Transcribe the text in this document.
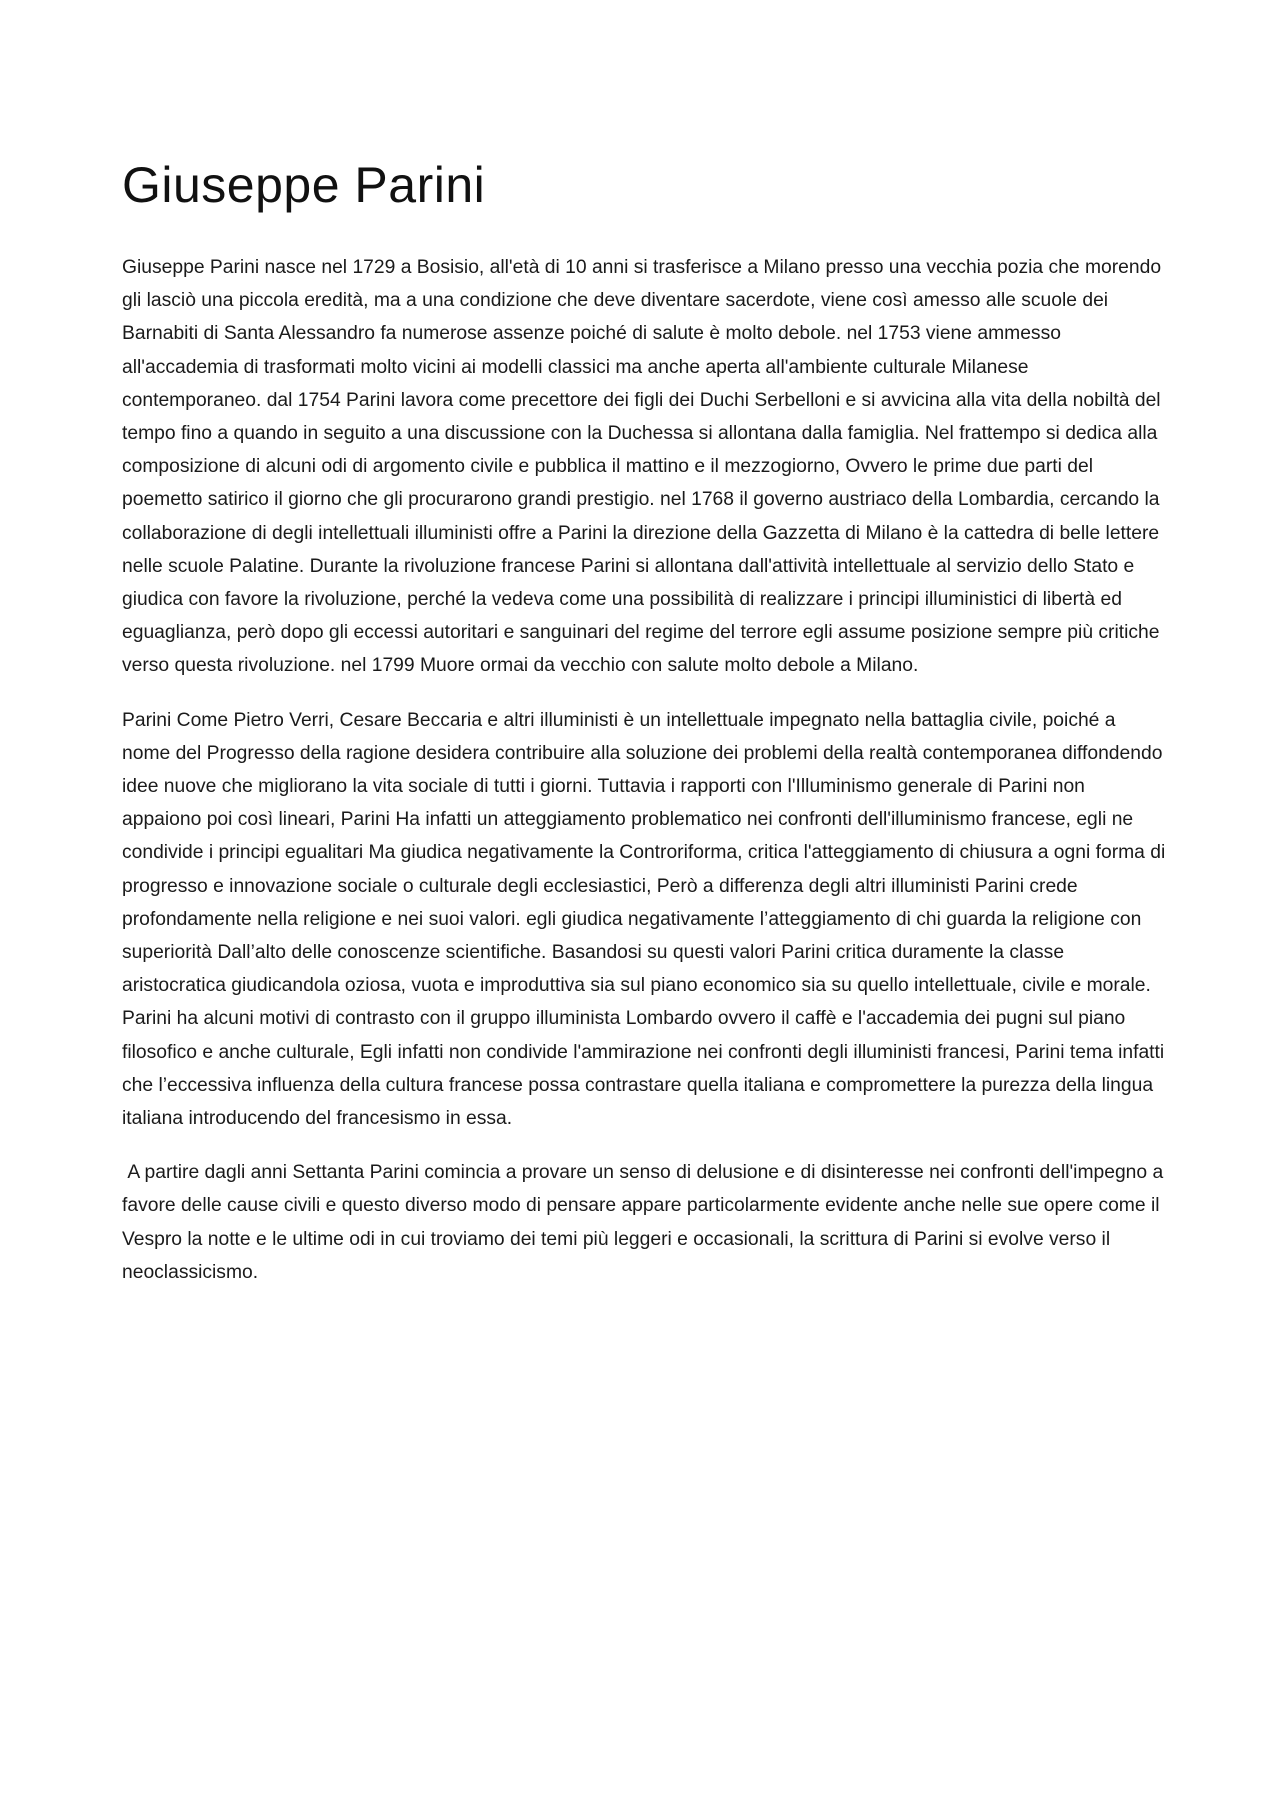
Giuseppe Parini

Giuseppe Parini nasce nel 1729 a Bosisio, all'età di 10 anni si trasferisce a Milano presso una vecchia pozia che morendo gli lasciò una piccola eredità, ma a una condizione che deve diventare sacerdote, viene così amesso alle scuole dei Barnabiti di Santa Alessandro fa numerose assenze poiché di salute è molto debole. nel 1753 viene ammesso all'accademia di trasformati molto vicini ai modelli classici ma anche aperta all'ambiente culturale Milanese contemporaneo. dal 1754 Parini lavora come precettore dei figli dei Duchi Serbelloni e si avvicina alla vita della nobiltà del tempo fino a quando in seguito a una discussione con la Duchessa si allontana dalla famiglia. Nel frattempo si dedica alla composizione di alcuni odi di argomento civile e pubblica il mattino e il mezzogiorno, Ovvero le prime due parti del poemetto satirico il giorno che gli procurarono grandi prestigio. nel 1768 il governo austriaco della Lombardia, cercando la collaborazione di degli intellettuali illuministi offre a Parini la direzione della Gazzetta di Milano è la cattedra di belle lettere nelle scuole Palatine. Durante la rivoluzione francese Parini si allontana dall'attività intellettuale al servizio dello Stato e giudica con favore la rivoluzione, perché la vedeva come una possibilità di realizzare i principi illuministici di libertà ed eguaglianza, però dopo gli eccessi autoritari e sanguinari del regime del terrore egli assume posizione sempre più critiche verso questa rivoluzione. nel 1799 Muore ormai da vecchio con salute molto debole a Milano.

Parini Come Pietro Verri, Cesare Beccaria e altri illuministi è un intellettuale impegnato nella battaglia civile, poiché a nome del Progresso della ragione desidera contribuire alla soluzione dei problemi della realtà contemporanea diffondendo idee nuove che migliorano la vita sociale di tutti i giorni. Tuttavia i rapporti con l'Illuminismo generale di Parini non appaiono poi così lineari, Parini Ha infatti un atteggiamento problematico nei confronti dell'illuminismo francese, egli ne condivide i principi egualitari Ma giudica negativamente la Controriforma, critica l'atteggiamento di chiusura a ogni forma di progresso e innovazione sociale o culturale degli ecclesiastici, Però a differenza degli altri illuministi Parini crede profondamente nella religione e nei suoi valori. egli giudica negativamente l’atteggiamento di chi guarda la religione con superiorità Dall’alto delle conoscenze scientifiche. Basandosi su questi valori Parini critica duramente la classe aristocratica giudicandola oziosa, vuota e improduttiva sia sul piano economico sia su quello intellettuale, civile e morale. Parini ha alcuni motivi di contrasto con il gruppo illuminista Lombardo ovvero il caffè e l'accademia dei pugni sul piano filosofico e anche culturale, Egli infatti non condivide l'ammirazione nei confronti degli illuministi francesi, Parini tema infatti che l’eccessiva influenza della cultura francese possa contrastare quella italiana e compromettere la purezza della lingua italiana introducendo del francesismo in essa.

A partire dagli anni Settanta Parini comincia a provare un senso di delusione e di disinteresse nei confronti dell'impegno a favore delle cause civili e questo diverso modo di pensare appare particolarmente evidente anche nelle sue opere come il Vespro la notte e le ultime odi in cui troviamo dei temi più leggeri e occasionali, la scrittura di Parini si evolve verso il neoclassicismo.
